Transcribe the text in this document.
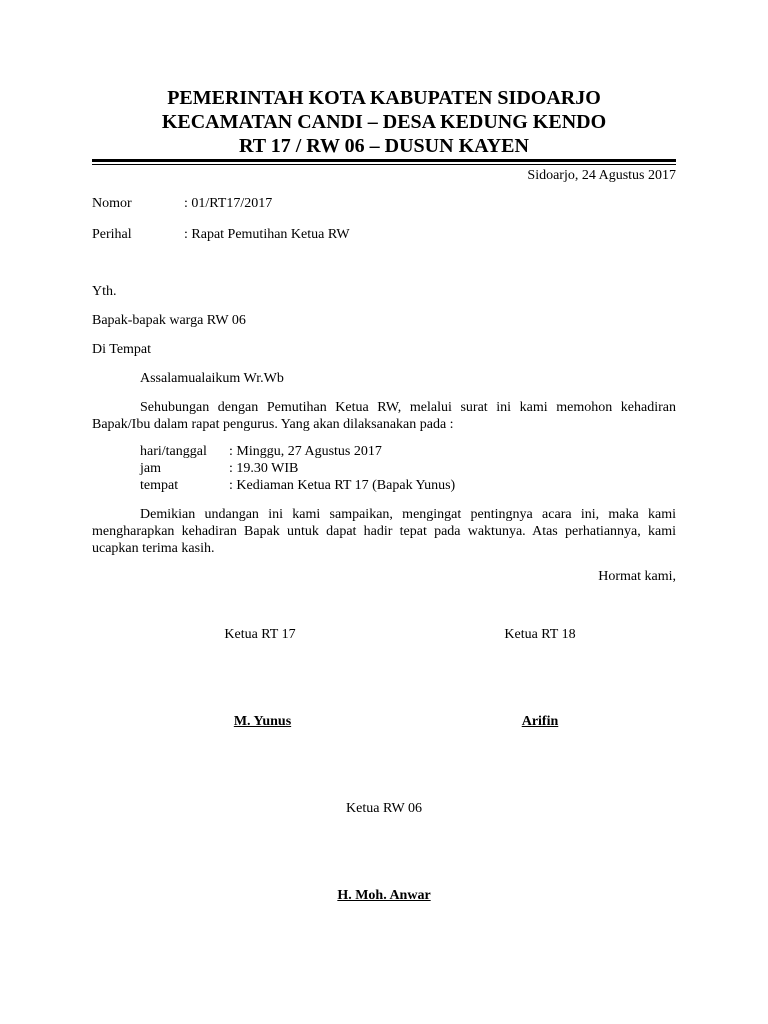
PEMERINTAH KOTA KABUPATEN SIDOARJO
KECAMATAN CANDI – DESA KEDUNG KENDO
RT 17 / RW 06 – DUSUN KAYEN
Sidoarjo, 24 Agustus 2017
Nomor	: 01/RT17/2017
Perihal	: Rapat Pemutihan Ketua RW
Yth.
Bapak-bapak warga RW 06
Di Tempat
Assalamualaikum Wr.Wb

Sehubungan dengan Pemutihan Ketua RW, melalui surat ini kami memohon kehadiran Bapak/Ibu dalam rapat pengurus. Yang akan dilaksanakan pada :

hari/tanggal : Minggu, 27 Agustus 2017
jam	: 19.30 WIB
tempat	: Kediaman Ketua RT 17 (Bapak Yunus)

Demikian undangan ini kami sampaikan, mengingat pentingnya acara ini, maka kami mengharapkan kehadiran Bapak untuk dapat hadir tepat pada waktunya. Atas perhatiannya, kami ucapkan terima kasih.

Hormat kami,
Ketua RT 17
M. Yunus
Ketua RT 18
Arifin
Ketua RW 06
H. Moh. Anwar
